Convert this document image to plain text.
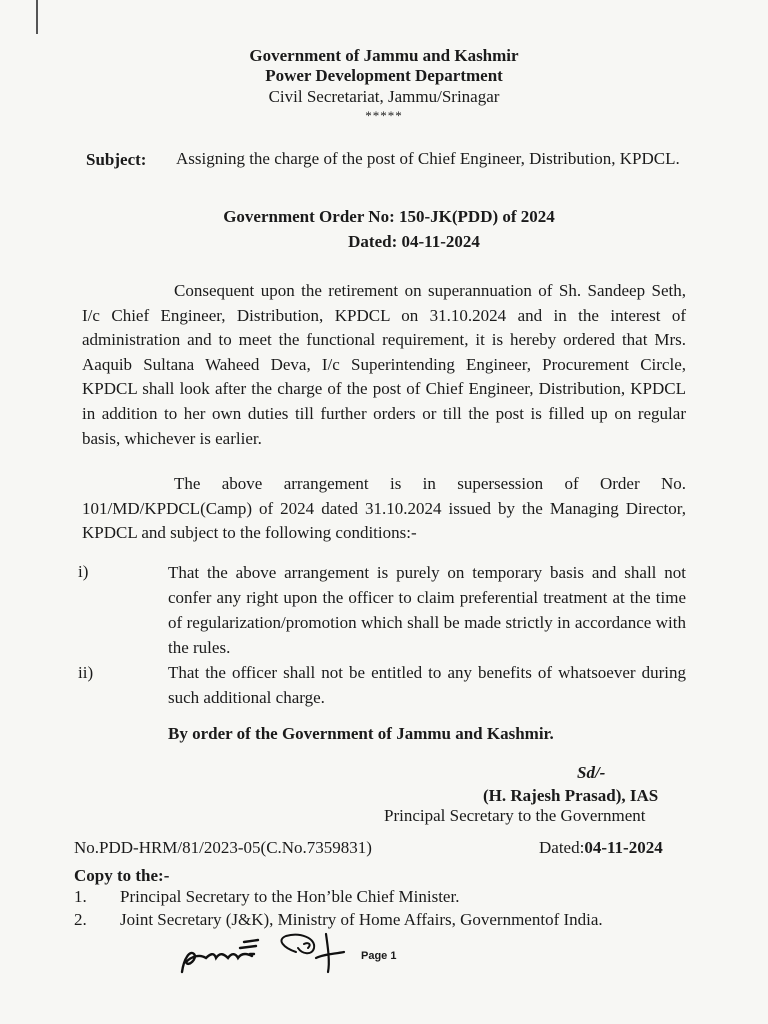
Government of Jammu and Kashmir
Power Development Department
Civil Secretariat, Jammu/Srinagar
*****
Subject: Assigning the charge of the post of Chief Engineer, Distribution, KPDCL.
Government Order No: 150-JK(PDD) of 2024
Dated: 04-11-2024
Consequent upon the retirement on superannuation of Sh. Sandeep Seth, I/c Chief Engineer, Distribution, KPDCL on 31.10.2024 and in the interest of administration and to meet the functional requirement, it is hereby ordered that Mrs. Aaquib Sultana Waheed Deva, I/c Superintending Engineer, Procurement Circle, KPDCL shall look after the charge of the post of Chief Engineer, Distribution, KPDCL in addition to her own duties till further orders or till the post is filled up on regular basis, whichever is earlier.
The above arrangement is in supersession of Order No. 101/MD/KPDCL(Camp) of 2024 dated 31.10.2024 issued by the Managing Director, KPDCL and subject to the following conditions:-
i)	That the above arrangement is purely on temporary basis and shall not confer any right upon the officer to claim preferential treatment at the time of regularization/promotion which shall be made strictly in accordance with the rules.
ii)	That the officer shall not be entitled to any benefits of whatsoever during such additional charge.
By order of the Government of Jammu and Kashmir.
Sd/-
(H. Rajesh Prasad), IAS
Principal Secretary to the Government
No.PDD-HRM/81/2023-05(C.No.7359831)	Dated:04-11-2024
Copy to the:-
1. Principal Secretary to the Hon’ble Chief Minister.
2. Joint Secretary (J&K), Ministry of Home Affairs, Governmentof India.
Page 1
